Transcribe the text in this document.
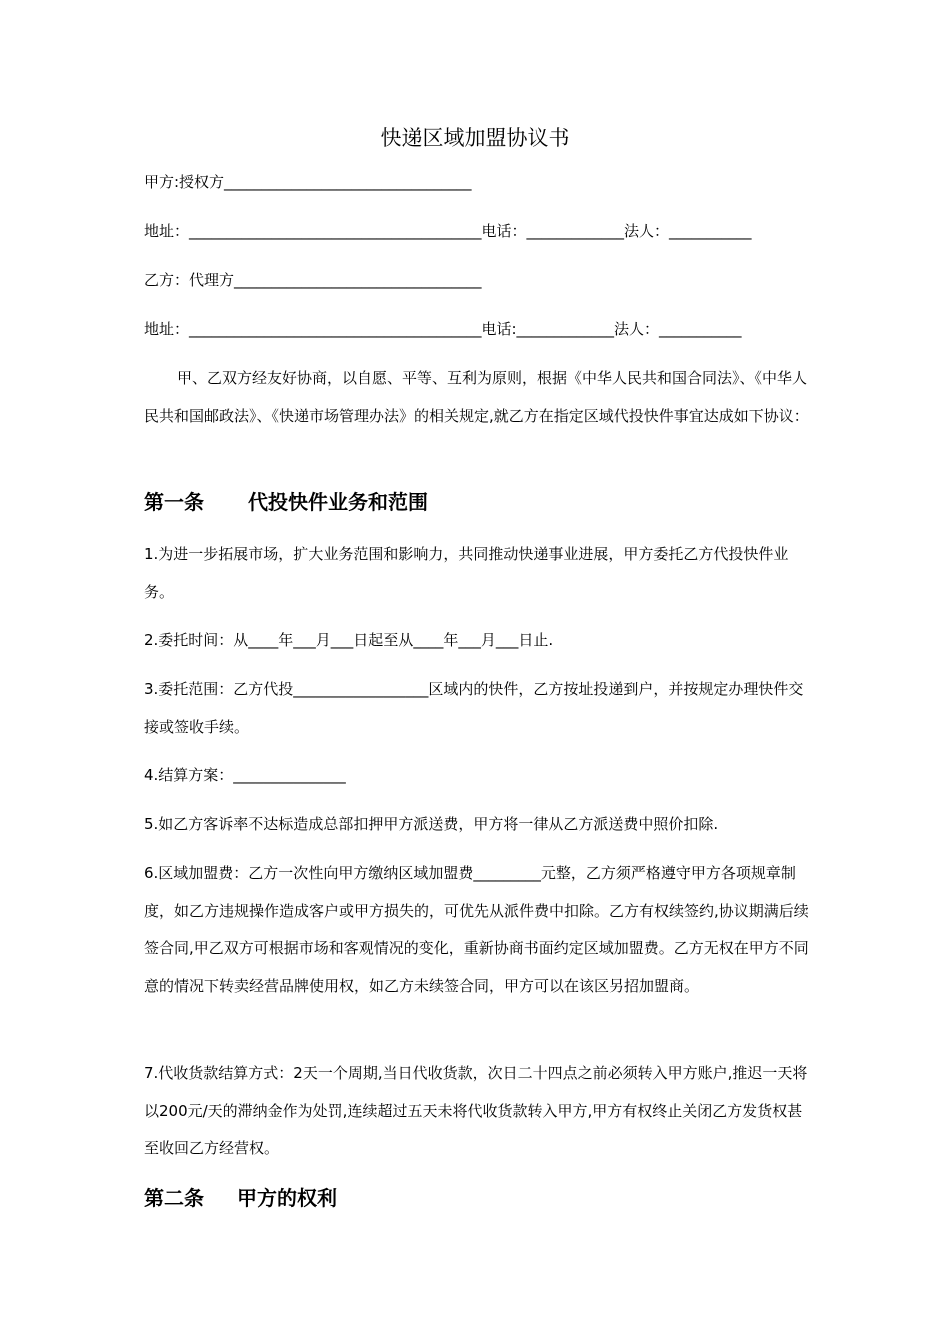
快递区域加盟协议书
甲方:授权方_________________________________
地址：_______________________________________电话：_____________法人：___________
乙方：代理方_________________________________
地址：_______________________________________电话:_____________法人：___________
甲、乙双方经友好协商，以自愿、平等、互利为原则，根据《中华人民共和国合同法》、《中华人民共和国邮政法》、《快递市场管理办法》的相关规定,就乙方在指定区域代投快件事宜达成如下协议：
第一条 代投快件业务和范围
1.为进一步拓展市场，扩大业务范围和影响力，共同推动快递事业进展，甲方委托乙方代投快件业务。
2.委托时间：从____年___月___日起至从____年___月___日止.
3.委托范围：乙方代投__________________区域内的快件，乙方按址投递到户，并按规定办理快件交接或签收手续。
4.结算方案：_______________
5.如乙方客诉率不达标造成总部扣押甲方派送费，甲方将一律从乙方派送费中照价扣除.
6.区域加盟费：乙方一次性向甲方缴纳区域加盟费_________元整，乙方须严格遵守甲方各项规章制度，如乙方违规操作造成客户或甲方损失的，可优先从派件费中扣除。乙方有权续签约,协议期满后续签合同,甲乙双方可根据市场和客观情况的变化，重新协商书面约定区域加盟费。乙方无权在甲方不同意的情况下转卖经营品牌使用权，如乙方未续签合同，甲方可以在该区另招加盟商。
7.代收货款结算方式：2天一个周期,当日代收货款，次日二十四点之前必须转入甲方账户,推迟一天将以200元/天的滞纳金作为处罚,连续超过五天未将代收货款转入甲方,甲方有权终止关闭乙方发货权甚至收回乙方经营权。
第二条 甲方的权利
